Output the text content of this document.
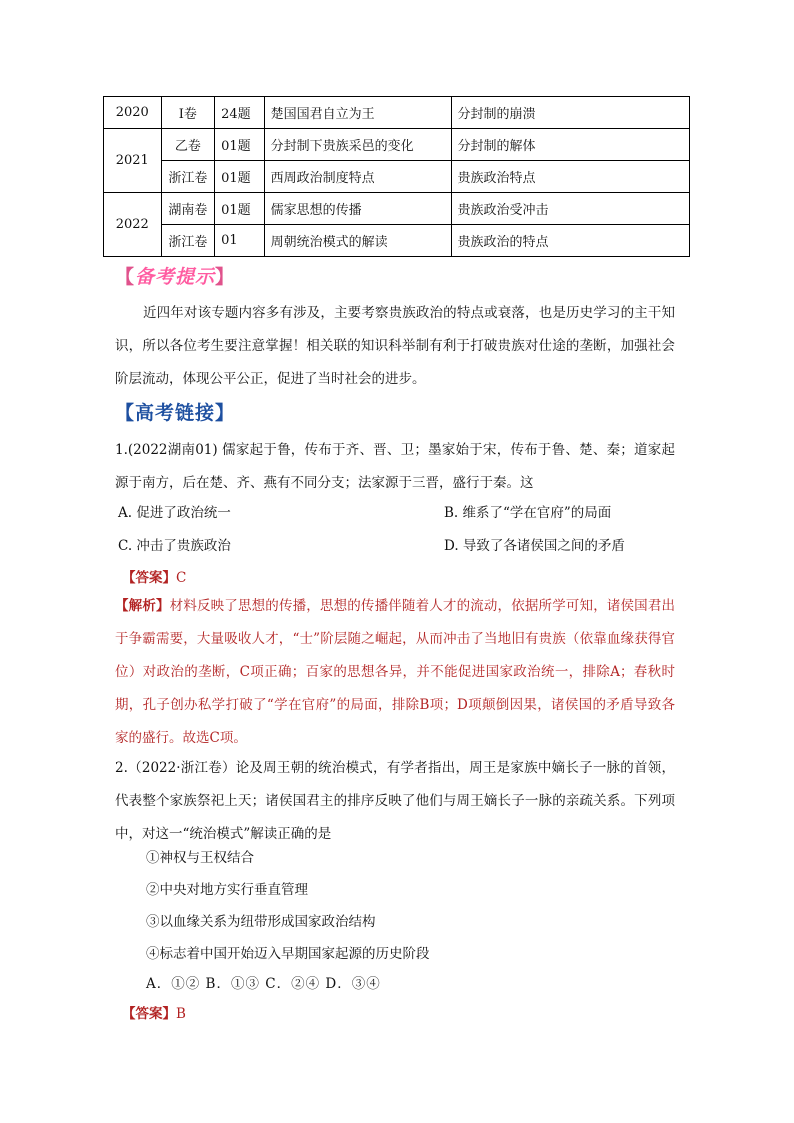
2020	Ⅰ卷	24题	楚国国君自立为王	分封制的崩溃
2021	乙卷	01题	分封制下贵族采邑的变化	分封制的解体
	浙江卷	01题	西周政治制度特点	贵族政治特点
2022	湖南卷	01题	儒家思想的传播	贵族政治受冲击
	浙江卷	01	周朝统治模式的解读	贵族政治的特点
【备考提示】
近四年对该专题内容多有涉及，主要考察贵族政治的特点或衰落，也是历史学习的主干知识，所以各位考生要注意掌握！相关联的知识科举制有利于打破贵族对仕途的垄断，加强社会阶层流动，体现公平公正，促进了当时社会的进步。
【高考链接】
1.(2022湖南01) 儒家起于鲁，传布于齐、晋、卫；墨家始于宋，传布于鲁、楚、秦；道家起源于南方，后在楚、齐、燕有不同分支；法家源于三晋，盛行于秦。这
A. 促进了政治统一	B. 维系了“学在官府”的局面
C. 冲击了贵族政治	D. 导致了各诸侯国之间的矛盾
【答案】C
【解析】材料反映了思想的传播，思想的传播伴随着人才的流动，依据所学可知，诸侯国君出于争霸需要，大量吸收人才，“士”阶层随之崛起，从而冲击了当地旧有贵族（依靠血缘获得官位）对政治的垄断，C项正确；百家的思想各异，并不能促进国家政治统一，排除A；春秋时期，孔子创办私学打破了“学在官府”的局面，排除B项；D项颠倒因果，诸侯国的矛盾导致各家的盛行。故选C项。
2.（2022·浙江卷）论及周王朝的统治模式，有学者指出，周王是家族中嫡长子一脉的首领，代表整个家族祭祀上天；诸侯国君主的排序反映了他们与周王嫡长子一脉的亲疏关系。下列项中，对这一“统治模式”解读正确的是
①神权与王权结合
②中央对地方实行垂直管理
③以血缘关系为纽带形成国家政治结构
④标志着中国开始迈入早期国家起源的历史阶段
A．①② B．①③ C．②④ D．③④
【答案】B
